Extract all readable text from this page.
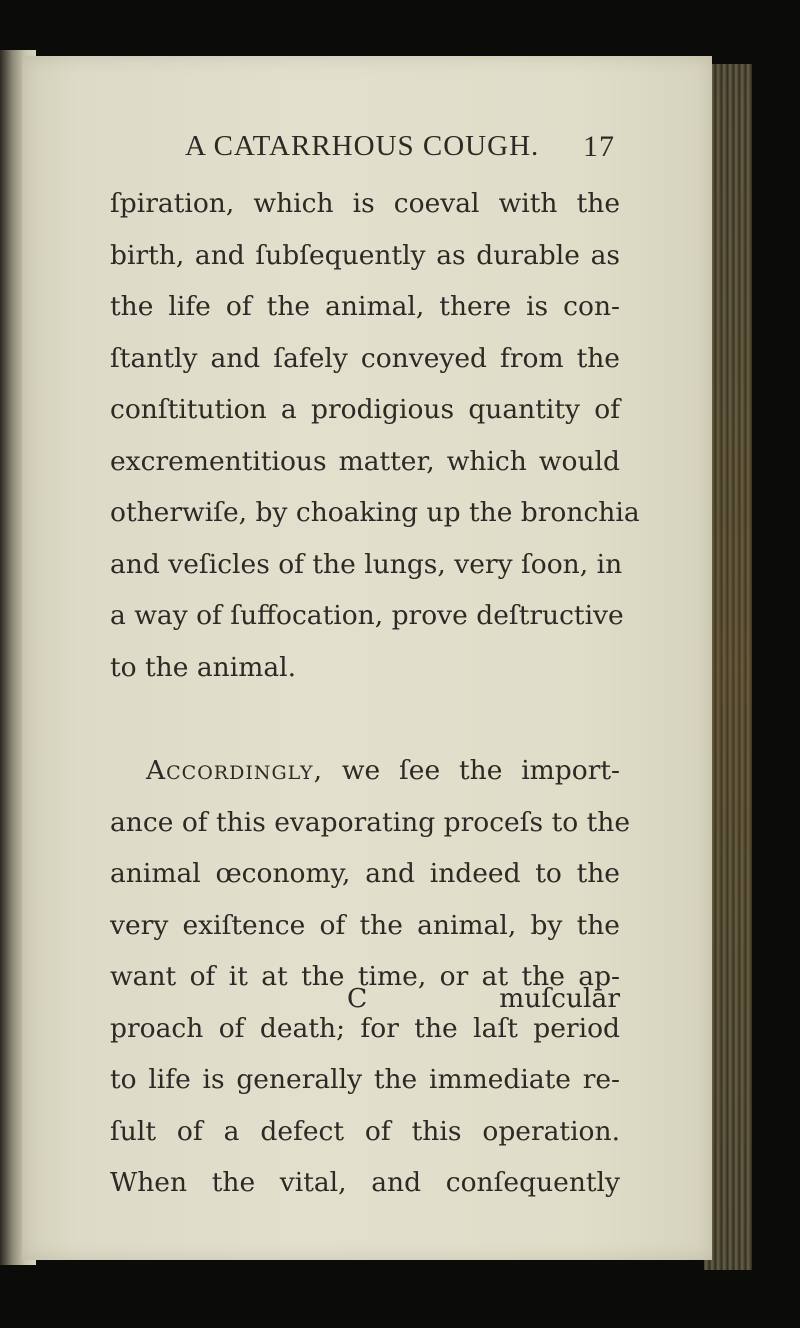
A CATARRHOUS COUGH. 17
ſpiration, which is coeval with the
birth, and ſubſequently as durable as
the life of the animal, there is con-
ſtantly and ſafely conveyed from the
conſtitution a prodigious quantity of
excrementitious matter, which would
otherwiſe, by choaking up the bronchia
and veſicles of the lungs, very ſoon, in
a way of ſuffocation, prove deſtructive
to the animal.
Accordingly, we ſee the import-
ance of this evaporating proceſs to the
animal œconomy, and indeed to the
very exiſtence of the animal, by the
want of it at the time, or at the ap-
proach of death; for the laſt period
to life is generally the immediate re-
ſult of a defect of this operation.
When the vital, and conſequently
C	muſcular
